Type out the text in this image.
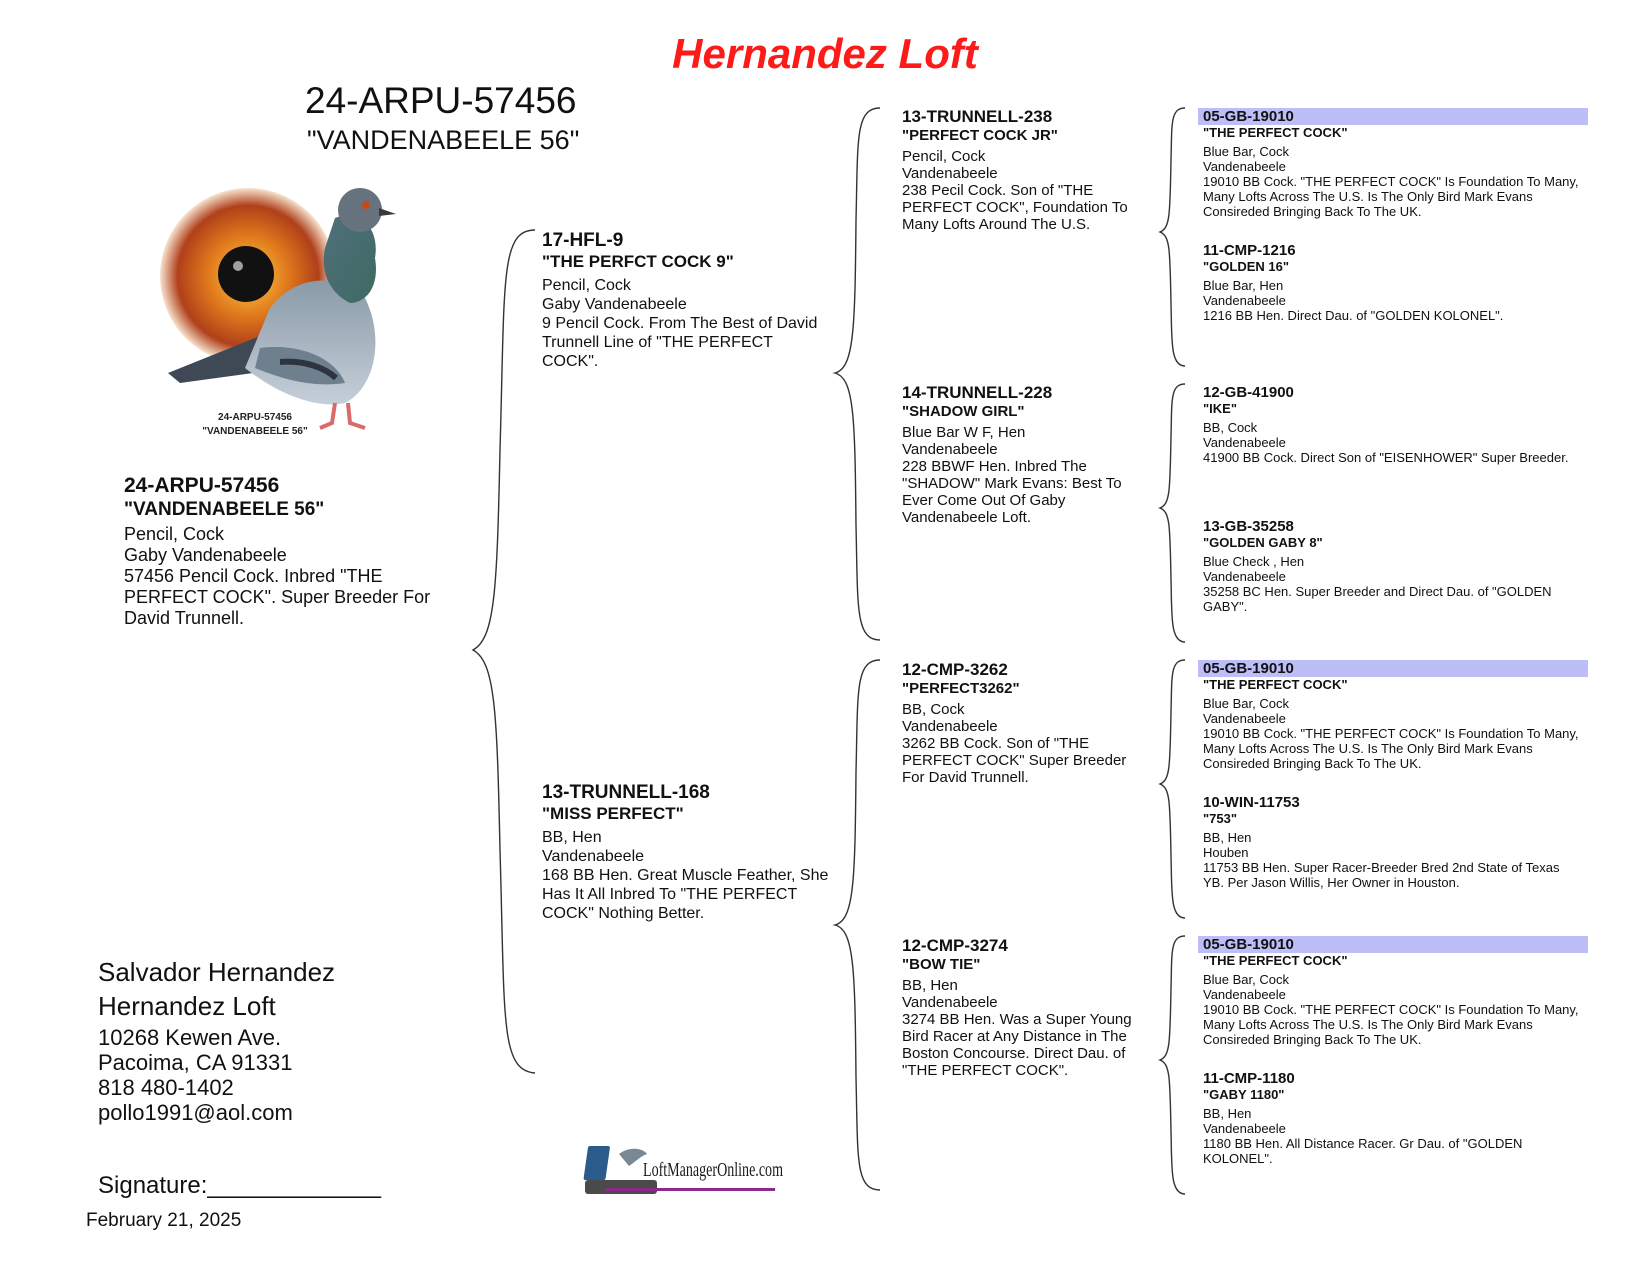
Hernandez Loft
24-ARPU-57456
"VANDENABEELE 56"
24-ARPU-57456
"VANDENABEELE 56"
24-ARPU-57456
"VANDENABEELE 56"
Pencil, Cock
Gaby Vandenabeele
57456 Pencil Cock. Inbred "THE PERFECT COCK". Super Breeder For David Trunnell.
17-HFL-9
"THE PERFCT COCK 9"
Pencil, Cock
Gaby Vandenabeele
9 Pencil Cock. From The Best of David Trunnell Line of "THE PERFECT COCK".
13-TRUNNELL-168
"MISS PERFECT"
BB, Hen
Vandenabeele
168 BB Hen. Great Muscle Feather, She Has It All Inbred To "THE PERFECT COCK" Nothing Better.
13-TRUNNELL-238
"PERFECT COCK JR"
Pencil, Cock
Vandenabeele
238 Pecil Cock. Son of "THE PERFECT COCK", Foundation To Many Lofts Around The U.S.
14-TRUNNELL-228
"SHADOW GIRL"
Blue Bar W F, Hen
Vandenabeele
228 BBWF Hen. Inbred The "SHADOW" Mark Evans: Best To Ever Come Out Of Gaby Vandenabeele Loft.
12-CMP-3262
"PERFECT3262"
BB, Cock
Vandenabeele
3262 BB Cock. Son of "THE PERFECT COCK" Super Breeder For David Trunnell.
12-CMP-3274
"BOW TIE"
BB, Hen
Vandenabeele
3274 BB Hen. Was a Super Young Bird Racer at Any Distance in The Boston Concourse. Direct Dau. of "THE PERFECT COCK".
05-GB-19010
"THE PERFECT COCK"
Blue Bar, Cock
Vandenabeele
19010 BB Cock. "THE PERFECT COCK" Is Foundation To Many, Many Lofts Across The U.S. Is The Only Bird Mark Evans Consireded Bringing Back To The UK.
11-CMP-1216
"GOLDEN 16"
Blue Bar, Hen
Vandenabeele
1216 BB Hen. Direct Dau. of "GOLDEN KOLONEL".
12-GB-41900
"IKE"
BB, Cock
Vandenabeele
41900 BB Cock. Direct Son of "EISENHOWER" Super Breeder.
13-GB-35258
"GOLDEN GABY 8"
Blue Check , Hen
Vandenabeele
35258 BC Hen. Super Breeder and Direct Dau. of "GOLDEN GABY".
05-GB-19010
"THE PERFECT COCK"
Blue Bar, Cock
Vandenabeele
19010 BB Cock. "THE PERFECT COCK" Is Foundation To Many, Many Lofts Across The U.S. Is The Only Bird Mark Evans Consireded Bringing Back To The UK.
10-WIN-11753
"753"
BB, Hen
Houben
11753 BB Hen. Super Racer-Breeder Bred 2nd State of Texas YB. Per Jason Willis, Her Owner in Houston.
05-GB-19010
"THE PERFECT COCK"
Blue Bar, Cock
Vandenabeele
19010 BB Cock. "THE PERFECT COCK" Is Foundation To Many, Many Lofts Across The U.S. Is The Only Bird Mark Evans Consireded Bringing Back To The UK.
11-CMP-1180
"GABY 1180"
BB, Hen
Vandenabeele
1180 BB Hen. All Distance Racer. Gr Dau. of "GOLDEN KOLONEL".
Salvador Hernandez
Hernandez Loft
10268 Kewen Ave.
Pacoima, CA 91331
818 480-1402
pollo1991@aol.com
Signature:_____________
February 21, 2025
LoftManagerOnline.com
